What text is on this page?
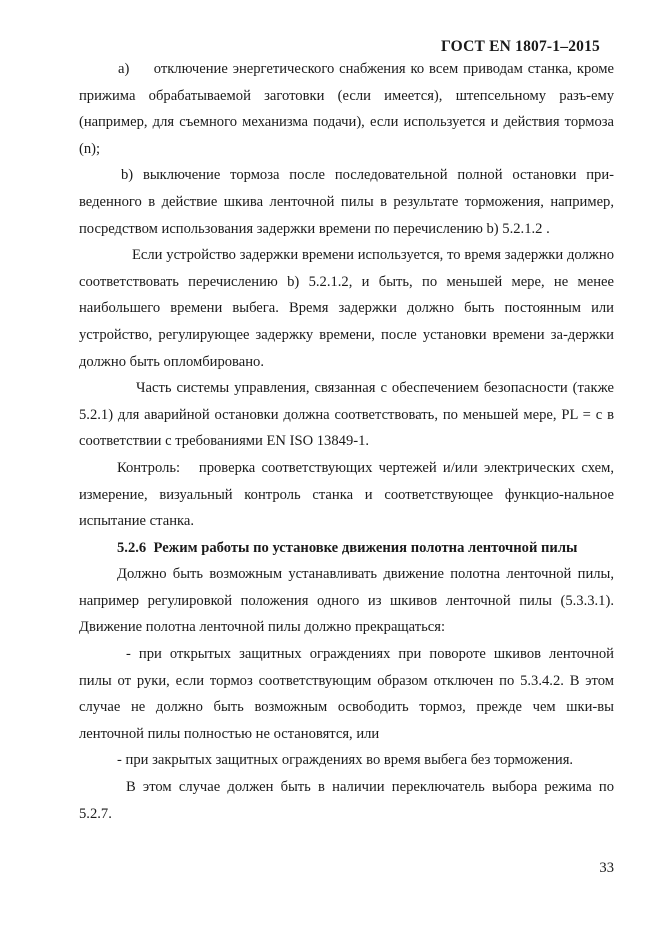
ГОСТ EN 1807-1–2015

а)     отключение энергетического снабжения ко всем приводам станка, кроме прижима обрабатываемой заготовки (если имеется), штепсельному разъ-ему (например, для съемного механизма подачи), если используется и действия тормоза (n);

b) выключение тормоза после последовательной полной остановки при-веденного в действие шкива ленточной пилы в результате торможения, например, посредством использования задержки времени по перечислению b) 5.2.1.2 .

Если устройство задержки времени используется, то время задержки должно соответствовать перечислению b) 5.2.1.2, и быть, по меньшей мере, не менее наибольшего времени выбега. Время задержки должно быть постоянным или устройство, регулирующее задержку времени, после установки времени за-держки должно быть опломбировано.

Часть системы управления, связанная с обеспечением безопасности (также 5.2.1) для аварийной остановки должна соответствовать, по меньшей мере, PL = c в соответствии с требованиями EN ISO 13849-1.

Контроль:   проверка соответствующих чертежей и/или электрических схем, измерение, визуальный контроль станка и соответствующее функцио-нальное испытание станка.

5.2.6  Режим работы по установке движения полотна ленточной пилы

Должно быть возможным устанавливать движение полотна ленточной пилы, например регулировкой положения одного из шкивов ленточной пилы (5.3.3.1). Движение полотна ленточной пилы должно прекращаться:

- при открытых защитных ограждениях при повороте шкивов ленточной пилы от руки, если тормоз соответствующим образом отключен по 5.3.4.2. В этом случае не должно быть возможным освободить тормоз, прежде чем шки-вы ленточной пилы полностью не остановятся, или

- при закрытых защитных ограждениях во время выбега без торможения.

В этом случае должен быть в наличии переключатель выбора режима по 5.2.7.

33
